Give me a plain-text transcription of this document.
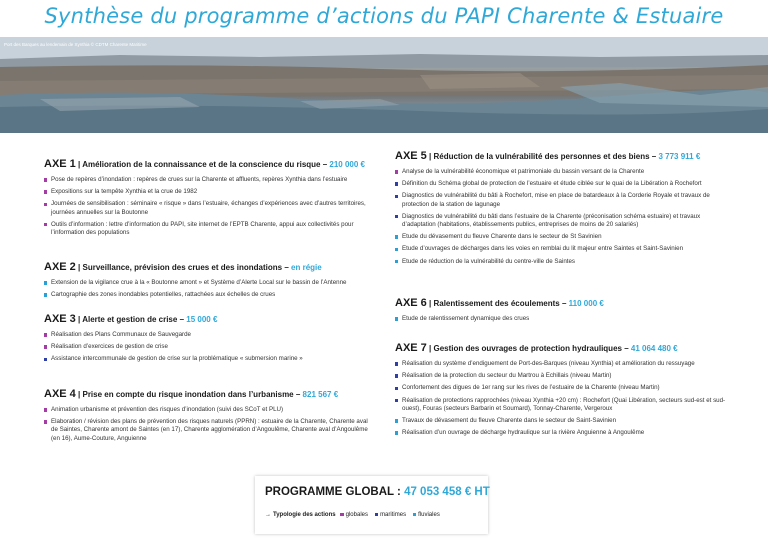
Synthèse du programme d’actions du PAPI Charente & Estuaire
Port des Barques au lendemain de Xynthia © CDTM Charente Maritime
AXE 1 | Amélioration de la connaissance et de la conscience du risque – 210 000 €
Pose de repères d’inondation : repères de crues sur la Charente et affluents, repères Xynthia dans l’estuaire
Expositions sur la tempête Xynthia et la crue de 1982
Journées de sensibilisation : séminaire « risque » dans l’estuaire, échanges d’expériences avec d’autres territoires, journées annuelles sur la Boutonne
Outils d’information : lettre d’information du PAPI, site internet de l’EPTB Charente, appui aux collectivités pour l’information des populations
AXE 2 | Surveillance, prévision des crues et des inondations – en régie
Extension de la vigilance crue à la « Boutonne amont » et Système d’Alerte Local sur le bassin de l’Antenne
Cartographie des zones inondables potentielles, rattachées aux échelles de crues
AXE 3 | Alerte et gestion de crise – 15 000 €
Réalisation des Plans Communaux de Sauvegarde
Réalisation d’exercices de gestion de crise
Assistance intercommunale de gestion de crise sur la problématique « submersion marine »
AXE 4 | Prise en compte du risque inondation dans l’urbanisme – 821 567 €
Animation urbanisme et prévention des risques d’inondation (suivi des SCoT et PLU)
Elaboration / révision des plans de prévention des risques naturels (PPRN) : estuaire de la Charente, Charente aval de Saintes, Charente amont de Saintes (en 17), Charente agglomération d’Angoulême, Charente aval d’Angoulême (en 16), Aume-Couture, Anguienne
AXE 5 | Réduction de la vulnérabilité des personnes et des biens – 3 773 911 €
Analyse de la vulnérabilité économique et patrimoniale du bassin versant de la Charente
Définition du Schéma global de protection de l’estuaire et étude ciblée sur le quai de la Libération à Rochefort
Diagnostics de vulnérabilité du bâti à Rochefort, mise en place de batardeaux à la Corderie Royale et travaux de protection de la station de lagunage
Diagnostics de vulnérabilité du bâti dans l’estuaire de la Charente (préconisation schéma estuaire) et travaux d’adaptation (habitations, établissements publics, entreprises de moins de 20 salariés)
Etude du dévasement du fleuve Charente dans le secteur de St Savinien
Etude d’ouvrages de décharges dans les voies en remblai du lit majeur entre Saintes et Saint-Savinien
Etude de réduction de la vulnérabilité du centre-ville de Saintes
AXE 6 | Ralentissement des écoulements – 110 000 €
Etude de ralentissement dynamique des crues
AXE 7 | Gestion des ouvrages de protection hydrauliques – 41 064 480 €
Réalisation du système d’endiguement de Port-des-Barques (niveau Xynthia) et amélioration du ressuyage
Réalisation de la protection du secteur du Martrou à Echillais (niveau Martin)
Confortement des digues de 1er rang sur les rives de l’estuaire de la Charente (niveau Martin)
Réalisation de protections rapprochées (niveau Xynthia +20 cm) : Rochefort (Quai Libération, secteurs sud-est et sud-ouest), Fouras (secteurs Barbarin et Soumard), Tonnay-Charente, Vergeroux
Travaux de dévasement du fleuve Charente dans le secteur de Saint-Savinien
Réalisation d’un ouvrage de décharge hydraulique sur la rivière Anguienne à Angoulême
PROGRAMME GLOBAL : 47 053 458 € HT
→ Typologie des actions globales maritimes fluviales
